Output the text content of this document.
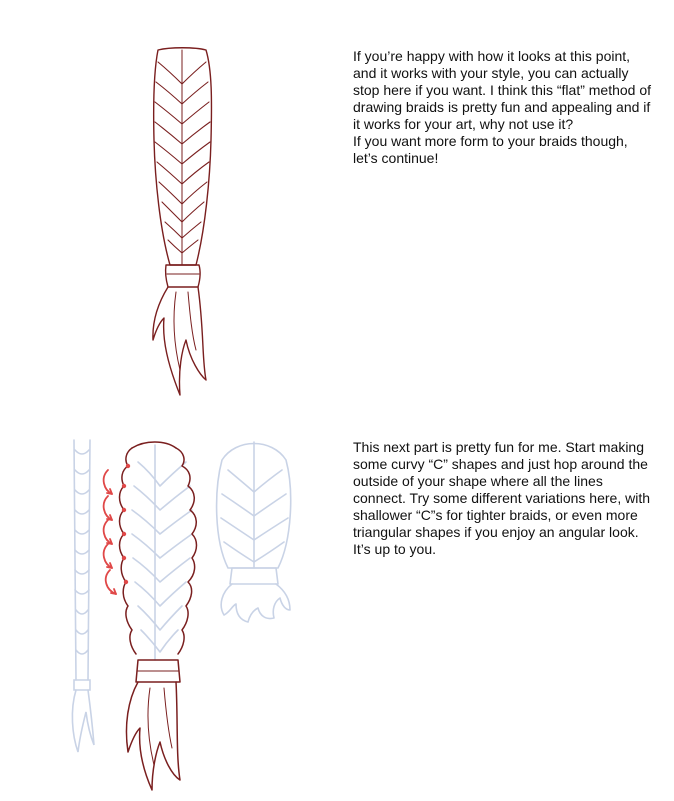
If you’re happy with how it looks at this point, and it works with your style, you can actually stop here if you want. I think this “flat” method of drawing braids is pretty fun and appealing and if it works for your art, why not use it?

If you want more form to your braids though, let’s continue!

This next part is pretty fun for me. Start making some curvy “C” shapes and just hop around the outside of your shape where all the lines connect. Try some different variations here, with shallower “C”s for tighter braids, or even more triangular shapes if you enjoy an angular look. It’s up to you.
